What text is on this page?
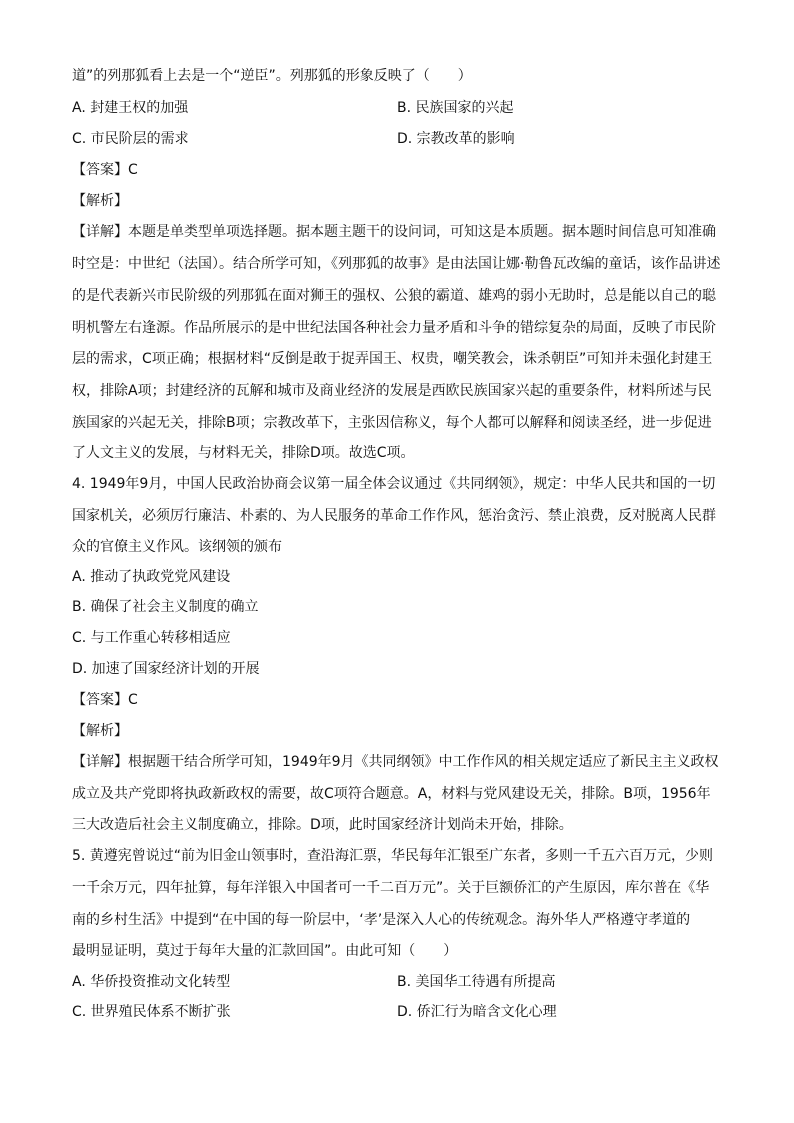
道”的列那狐看上去是一个“逆臣”。列那狐的形象反映了（　　）
A. 封建王权的加强	B. 民族国家的兴起
C. 市民阶层的需求	D. 宗教改革的影响
【答案】C
【解析】
【详解】本题是单类型单项选择题。据本题主题干的设问词，可知这是本质题。据本题时间信息可知准确
时空是：中世纪（法国）。结合所学可知，《列那狐的故事》是由法国让娜·勒鲁瓦改编的童话，该作品讲述
的是代表新兴市民阶级的列那狐在面对狮王的强权、公狼的霸道、雄鸡的弱小无助时，总是能以自己的聪
明机警左右逢源。作品所展示的是中世纪法国各种社会力量矛盾和斗争的错综复杂的局面，反映了市民阶
层的需求，C项正确；根据材料“反倒是敢于捉弄国王、权贵，嘲笑教会，诛杀朝臣”可知并未强化封建王
权，排除A项；封建经济的瓦解和城市及商业经济的发展是西欧民族国家兴起的重要条件，材料所述与民
族国家的兴起无关，排除B项；宗教改革下，主张因信称义，每个人都可以解释和阅读圣经，进一步促进
了人文主义的发展，与材料无关，排除D项。故选C项。
4. 1949年9月，中国人民政治协商会议第一届全体会议通过《共同纲领》，规定：中华人民共和国的一切
国家机关，必须厉行廉洁、朴素的、为人民服务的革命工作作风，惩治贪污、禁止浪费，反对脱离人民群
众的官僚主义作风。该纲领的颁布
A. 推动了执政党党风建设
B. 确保了社会主义制度的确立
C. 与工作重心转移相适应
D. 加速了国家经济计划的开展
【答案】C
【解析】
【详解】根据题干结合所学可知，1949年9月《共同纲领》中工作作风的相关规定适应了新民主主义政权
成立及共产党即将执政新政权的需要，故C项符合题意。A，材料与党风建设无关，排除。B项，1956年
三大改造后社会主义制度确立，排除。D项，此时国家经济计划尚未开始，排除。
5. 黄遵宪曾说过“前为旧金山领事时，查沿海汇票，华民每年汇银至广东者，多则一千五六百万元，少则
一千余万元，四年扯算，每年洋银入中国者可一千二百万元”。关于巨额侨汇的产生原因，库尔普在《华
南的乡村生活》中提到“在中国的每一阶层中，‘孝’是深入人心的传统观念。海外华人严格遵守孝道的
最明显证明，莫过于每年大量的汇款回国”。由此可知（　　）
A. 华侨投资推动文化转型	B. 美国华工待遇有所提高
C. 世界殖民体系不断扩张	D. 侨汇行为暗含文化心理
